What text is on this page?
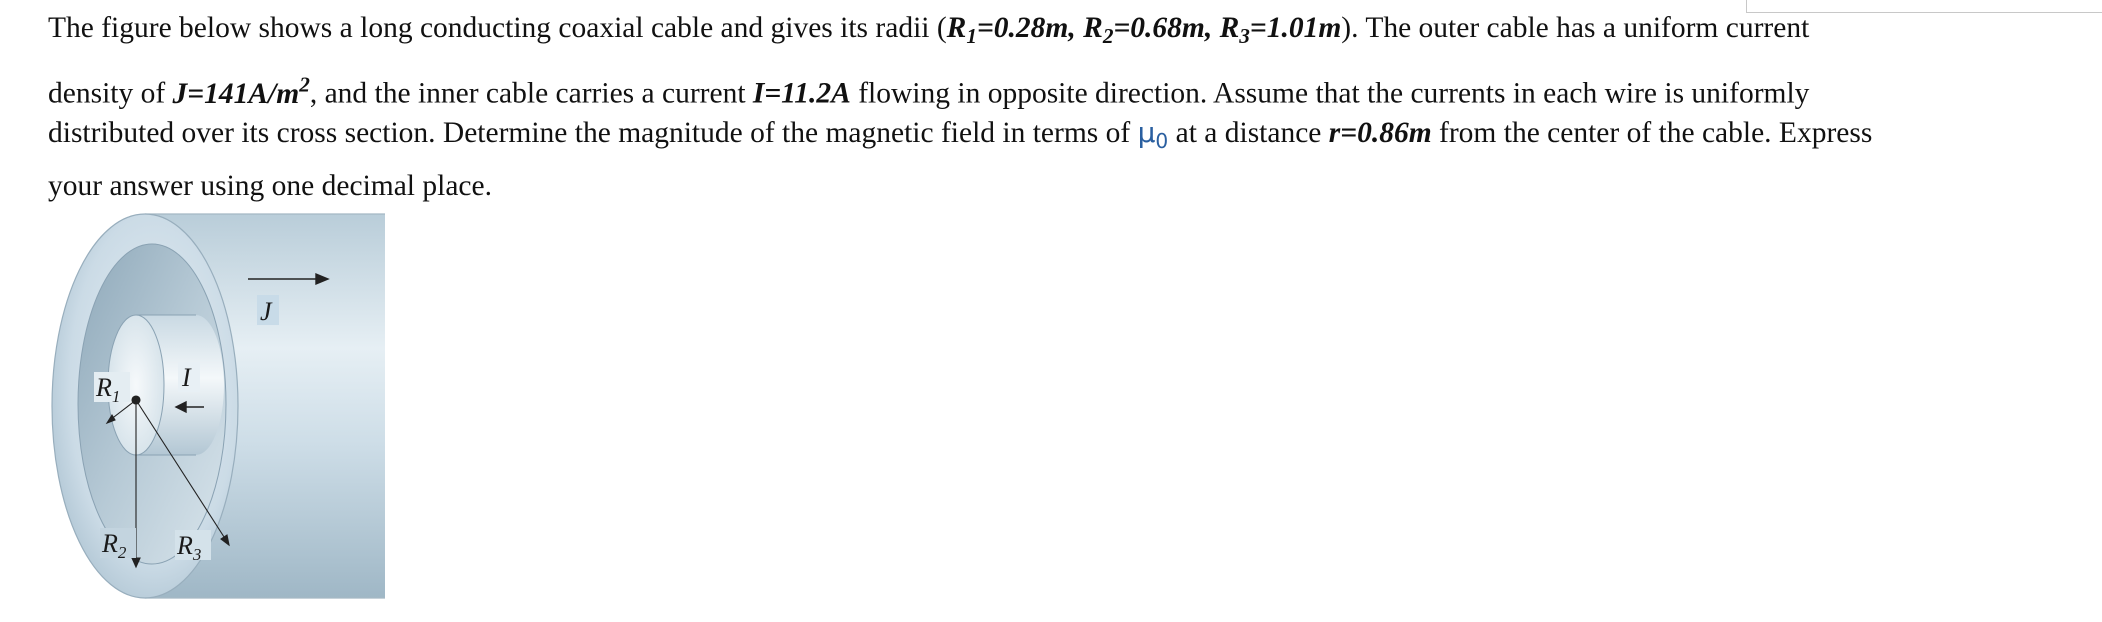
The figure below shows a long conducting coaxial cable and gives its radii ($R_1=0.28m$, $R_2=0.68m$, $R_3=1.01m$). The outer cable has a uniform current
density of $J=141A/m^2$, and the inner cable carries a current I=11.2A flowing in opposite direction. Assume that the currents in each wire is uniformly
distributed over its cross section. Determine the magnitude of the magnetic field in terms of $\mu_0$ at a distance r=0.86m from the center of the cable. Express
your answer using one decimal place.
J
I
$R_1$
$R_2$ $R_3$
